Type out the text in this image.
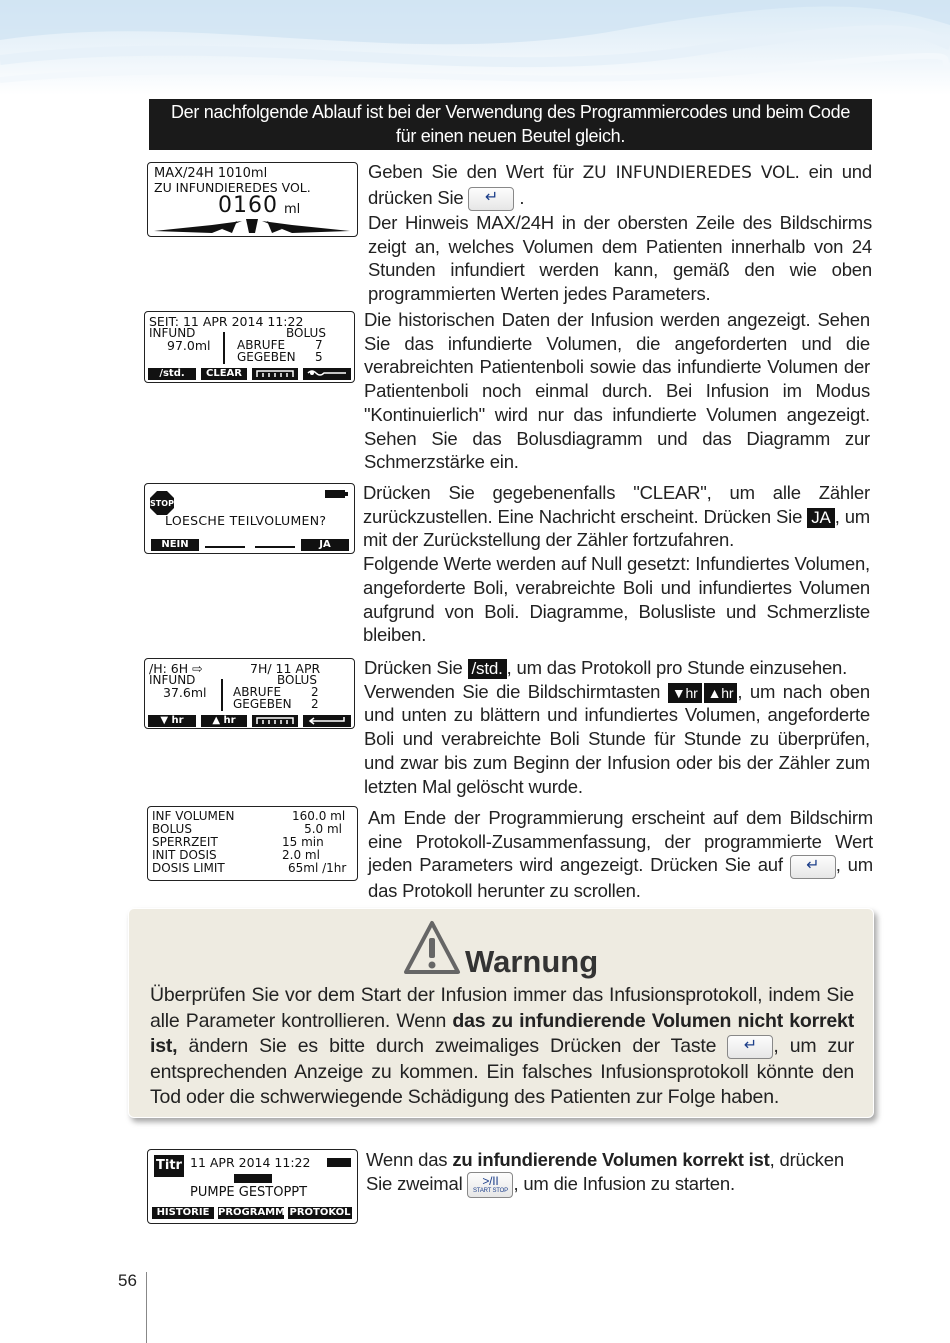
Der nachfolgende Ablauf ist bei der Verwendung des Programmiercodes und beim Code
für einen neuen Beutel gleich.
MAX/24H 1010ml
ZU INFUNDIEREDES VOL.
0160 ml
Geben Sie den Wert für ZU INFUNDIEREDES VOL. ein und drücken Sie ↵ .
Der Hinweis MAX/24H in der obersten Zeile des Bildschirms zeigt an, welches Volumen dem Patienten innerhalb von 24 Stunden infundiert werden kann, gemäß den wie oben programmierten Werten jedes Parameters.
SEIT: 11 APR 2014 11:22
INFUND	BOLUS
97.0ml ABRUFE 7
GEGEBEN 5
/std.	CLEAR
Die historischen Daten der Infusion werden angezeigt. Sehen Sie das infundierte Volumen, die angeforderten und die verabreichten Patientenboli sowie das infundierte Volumen der Patientenboli noch einmal durch. Bei Infusion im Modus "Kontinuierlich" wird nur das infundierte Volumen angezeigt. Sehen Sie das Bolusdiagramm und das Diagramm zur Schmerzstärke ein.
STOP
LOESCHE TEILVOLUMEN?
NEIN	JA
Drücken Sie gegebenenfalls "CLEAR", um alle Zähler zurückzustellen. Eine Nachricht erscheint. Drücken Sie JA , um mit der Zurückstellung der Zähler fortzufahren.
Folgende Werte werden auf Null gesetzt: Infundiertes Volumen, angeforderte Boli, verabreichte Boli und infundiertes Volumen aufgrund von Boli. Diagramme, Bolusliste und Schmerzliste bleiben.
/H: 6H ⇨	7H/ 11 APR
INFUND	BOLUS
37.6ml ABRUFE 2
GEGEBEN 2
▼ hr	▲ hr
Drücken Sie /std. , um das Protokoll pro Stunde einzusehen.
Verwenden Sie die Bildschirmtasten ▼hr ▲hr , um nach oben und unten zu blättern und infundiertes Volumen, angeforderte Boli und verabreichte Boli Stunde für Stunde zu überprüfen, und zwar bis zum Beginn der Infusion oder bis der Zähler zum letzten Mal gelöscht wurde.
INF VOLUMEN	160.0 ml
BOLUS	5.0 ml
SPERRZEIT	15 min
INIT DOSIS	2.0 ml
DOSIS LIMIT	65ml /1hr
Am Ende der Programmierung erscheint auf dem Bildschirm eine Protokoll-Zusammenfassung, der programmierte Wert jeden Parameters wird angezeigt. Drücken Sie auf ↵ , um das Protokoll herunter zu scrollen.
Warnung
Überprüfen Sie vor dem Start der Infusion immer das Infusionsprotokoll, indem Sie alle Parameter kontrollieren. Wenn das zu infundierende Volumen nicht korrekt ist, ändern Sie es bitte durch zweimaliges Drücken der Taste ↵ , um zur entsprechenden Anzeige zu kommen. Ein falsches Infusionsprotokoll könnte den Tod oder die schwerwiegende Schädigung des Patienten zur Folge haben.
Titr 11 APR 2014 11:22
PUMPE GESTOPPT
HISTORIE PROGRAMM PROTOKOL
Wenn das zu infundierende Volumen korrekt ist, drücken Sie zweimal	>/II
START STOP , um die Infusion zu starten.
56
